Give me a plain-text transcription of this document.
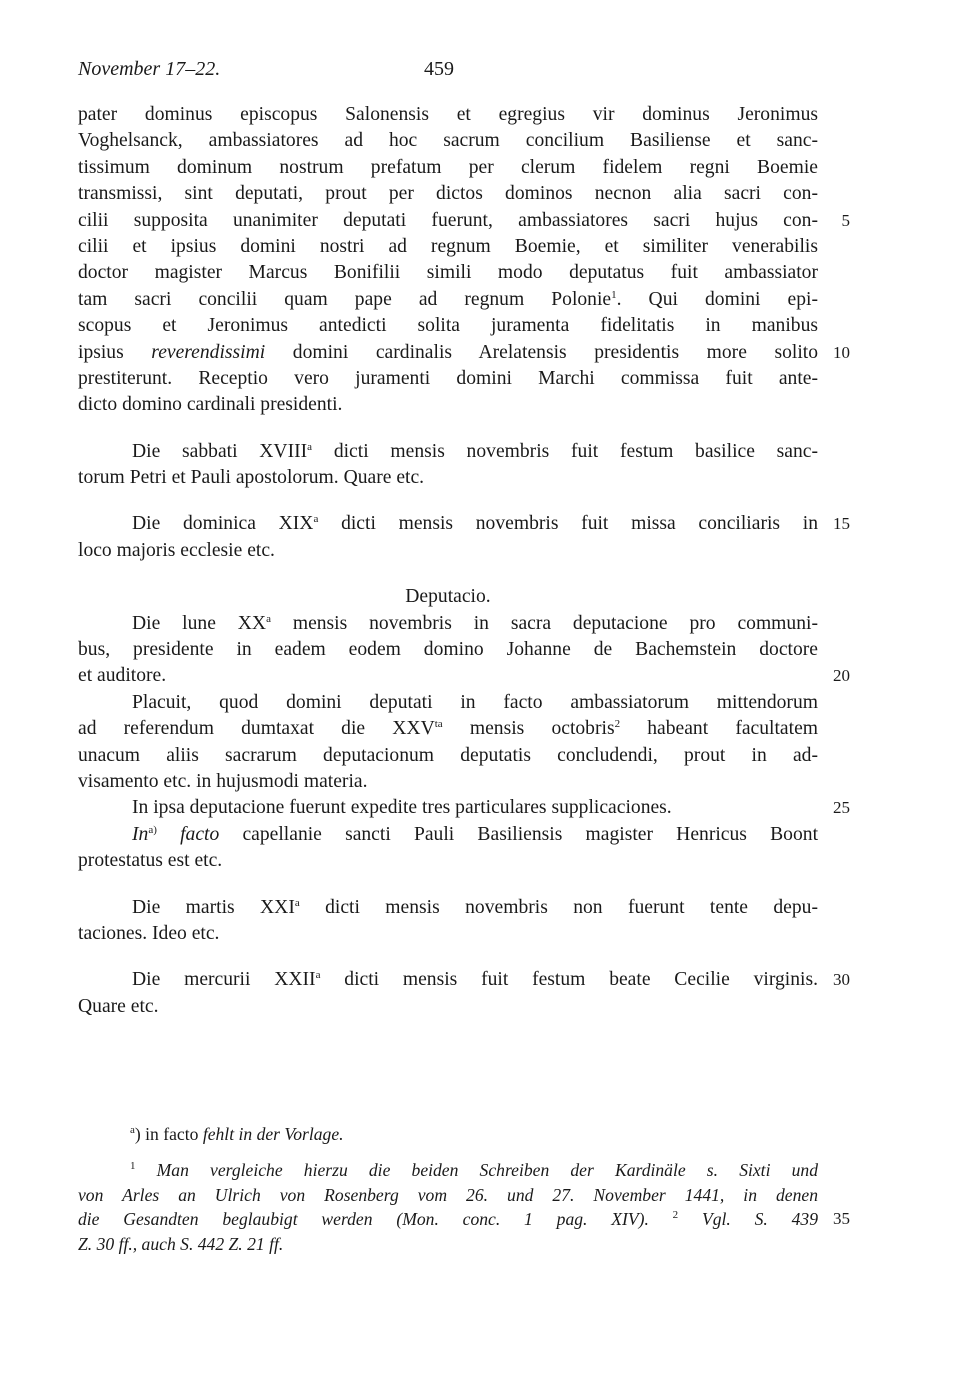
November 17–22.	459
pater dominus episcopus Salonensis et egregius vir dominus Jeronimus
Voghelsanck, ambassiatores ad hoc sacrum concilium Basiliense et sanc-
tissimum dominum nostrum prefatum per clerum fidelem regni Boemie
transmissi, sint deputati, prout per dictos dominos necnon alia sacri con-
cilii supposita unanimiter deputati fuerunt, ambassiatores sacri hujus con-	5
cilii et ipsius domini nostri ad regnum Boemie, et similiter venerabilis
doctor magister Marcus Bonifilii simili modo deputatus fuit ambassiator
tam sacri concilii quam pape ad regnum Polonie$^1$. Qui domini epi-
scopus et Jeronimus antedicti solita juramenta fidelitatis in manibus
ipsius reverendissimi domini cardinalis Arelatensis presidentis more solito 10
prestiterunt. Receptio vero juramenti domini Marchi commissa fuit ante-
dicto domino cardinali presidenti.
Die sabbati XVIII$^a$ dicti mensis novembris fuit festum basilice sanc-
torum Petri et Pauli apostolorum. Quare etc.
Die dominica XIX$^a$ dicti mensis novembris fuit missa conciliaris in 15
loco majoris ecclesie etc.
Deputacio.
Die lune $XX^a$ mensis novembris in sacra deputacione pro communi-
bus, presidente in eadem eodem domino Johanne de Bachemstein doctore
et auditore.	20
Placuit, quod domini deputati in facto ambassiatorum mittendorum
ad referendum dumtaxat die $XXV^{ta}$ mensis octobris$^2$ habeant facultatem
unacum aliis sacrarum deputacionum deputatis concludendi, prout in ad-
visamento etc. in hujusmodi materia.
In ipsa deputacione fuerunt expedite tres particulares supplicaciones.	25
In$^{a)}$ facto capellanie sancti Pauli Basiliensis magister Henricus Boont
protestatus est etc.
Die martis XXI$^a$ dicti mensis novembris non fuerunt tente depu-
taciones. Ideo etc.
Die mercurii XXII$^a$ dicti mensis fuit festum beate Cecilie virginis. 30
Quare etc.
$^a$) in facto fehlt in der Vorlage.
$^1$ Man vergleiche hierzu die beiden Schreiben der Kardinäle s. Sixti und
von Arles an Ulrich von Rosenberg vom 26. und 27. November 1441, in denen
die Gesandten beglaubigt werden (Mon. conc. 1 pag. XIV). $^2$ Vgl. S. 439 35
Z. 30 ff., auch S. 442 Z. 21 ff.
